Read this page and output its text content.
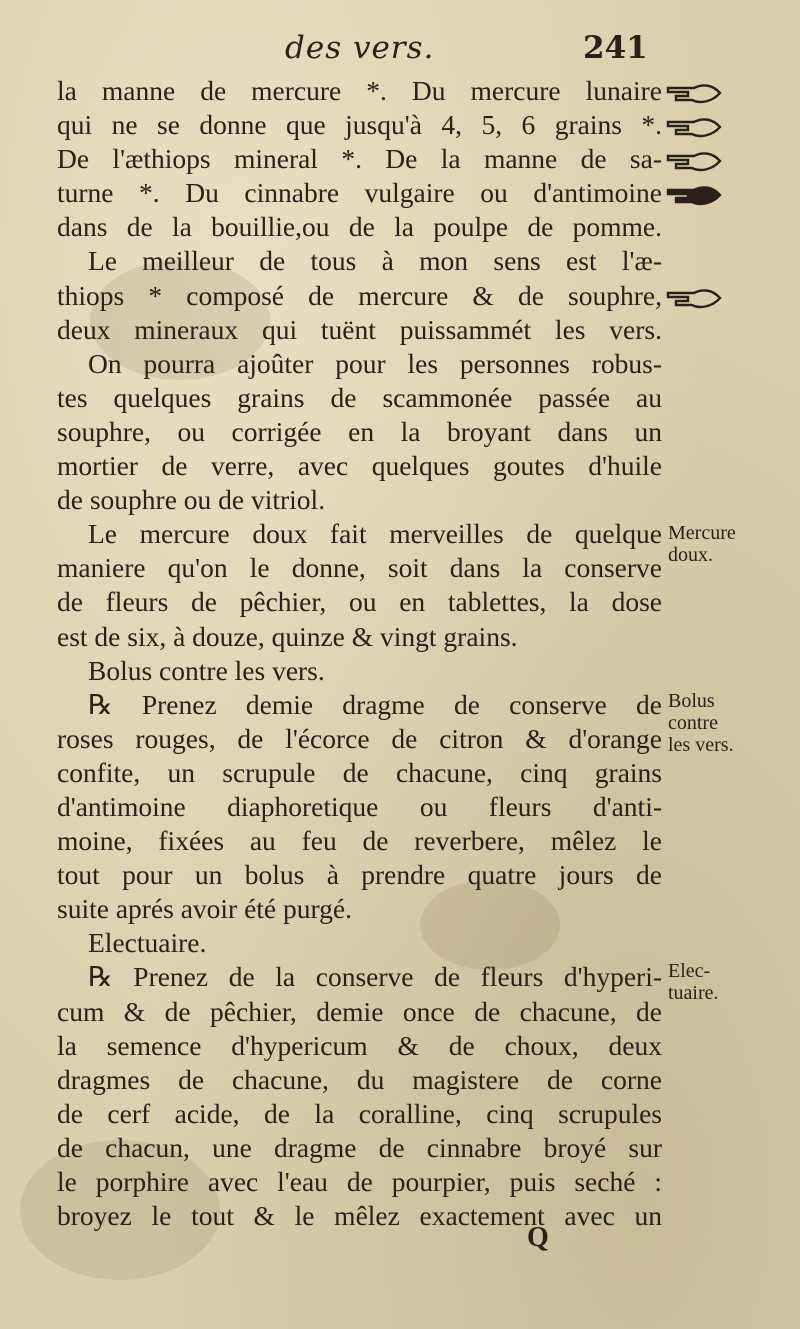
des vers.	241
la manne de mercure *. Du mercure lunaire
qui ne se donne que jusqu'à 4, 5, 6 grains *.
De l'æthiops mineral *. De la manne de sa-
turne *. Du cinnabre vulgaire ou d'antimoine
dans de la bouillie,ou de la poulpe de pomme.
Le meilleur de tous à mon sens est l'æ-
thiops * composé de mercure & de souphre,
deux mineraux qui tuënt puissammét les vers.
On pourra ajoûter pour les personnes robus-
tes quelques grains de scammonée passée au
souphre, ou corrigée en la broyant dans un
mortier de verre, avec quelques goutes d'huile
de souphre ou de vitriol.
Le mercure doux fait merveilles de quelque
maniere qu'on le donne, soit dans la conserve
de fleurs de pêchier, ou en tablettes, la dose
est de six, à douze, quinze & vingt grains.
Bolus contre les vers.
℞ Prenez demie dragme de conserve de
roses rouges, de l'écorce de citron & d'orange
confite, un scrupule de chacune, cinq grains
d'antimoine diaphoretique ou fleurs d'anti-
moine, fixées au feu de reverbere, mêlez le
tout pour un bolus à prendre quatre jours de
suite aprés avoir été purgé.
Electuaire.
℞ Prenez de la conserve de fleurs d'hyperi-
cum & de pêchier, demie once de chacune, de
la semence d'hypericum & de choux, deux
dragmes de chacune, du magistere de corne
de cerf acide, de la coralline, cinq scrupules
de chacun, une dragme de cinnabre broyé sur
le porphire avec l'eau de pourpier, puis seché :
broyez le tout & le mêlez exactement avec un
Mercure
doux.
Bolus
contre
les vers.
Elec-
tuaire.
Q
